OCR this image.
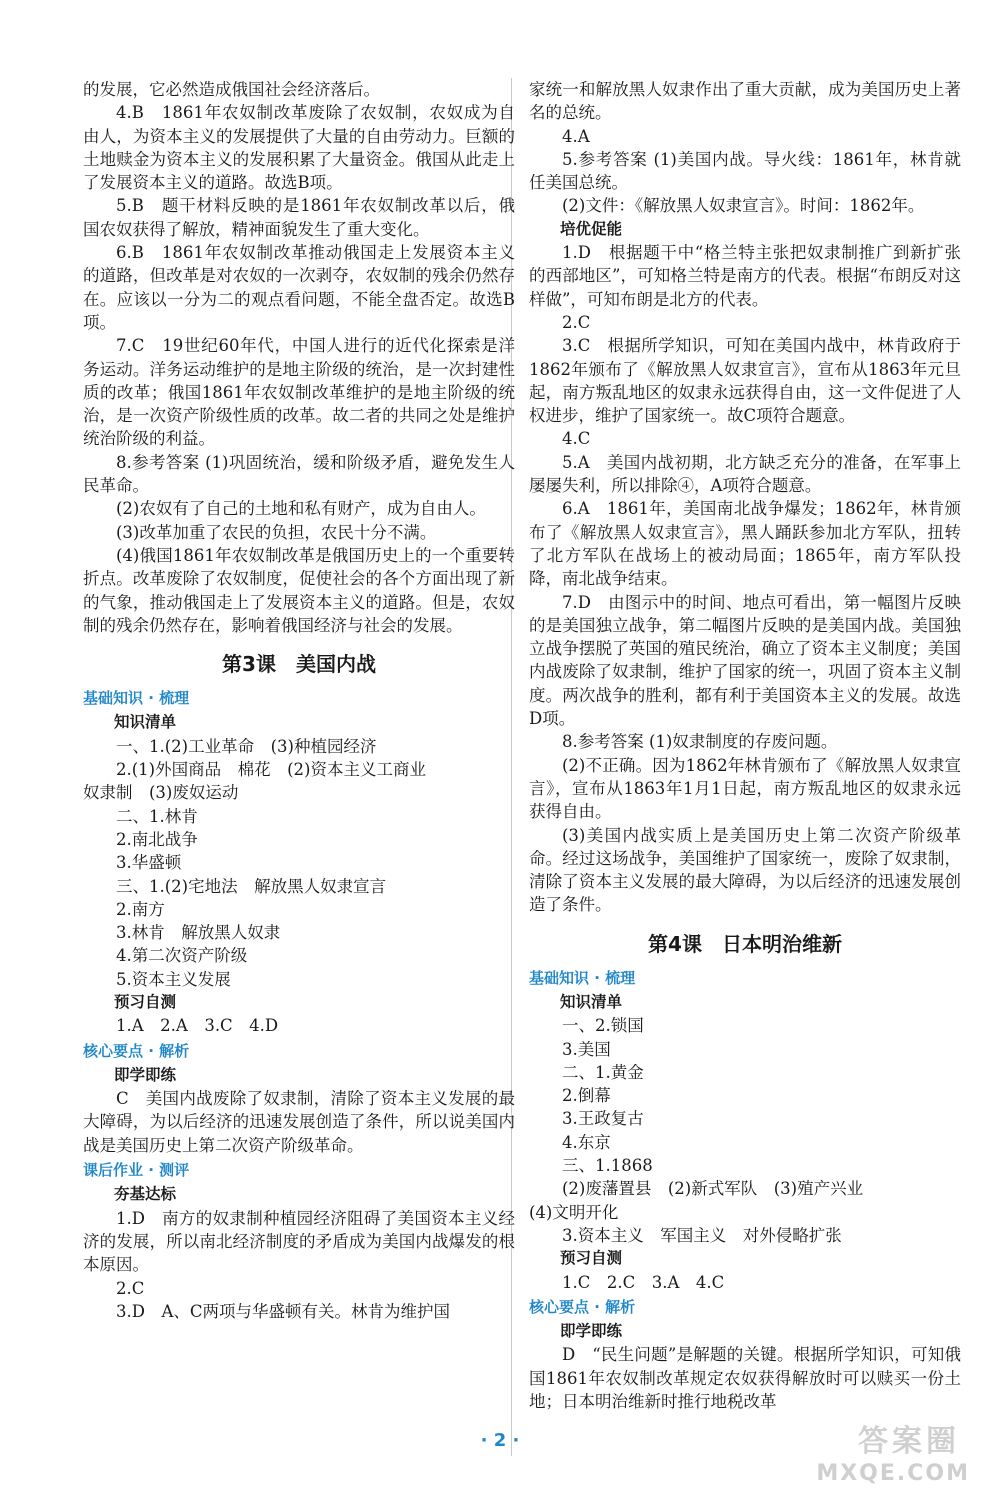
的发展，它必然造成俄国社会经济落后。

4.B　1861年农奴制改革废除了农奴制，农奴成为自由人，为资本主义的发展提供了大量的自由劳动力。巨额的土地赎金为资本主义的发展积累了大量资金。俄国从此走上了发展资本主义的道路。故选B项。

5.B　题干材料反映的是1861年农奴制改革以后，俄国农奴获得了解放，精神面貌发生了重大变化。

6.B　1861年农奴制改革推动俄国走上发展资本主义的道路，但改革是对农奴的一次剥夺，农奴制的残余仍然存在。应该以一分为二的观点看问题，不能全盘否定。故选B项。

7.C　19世纪60年代，中国人进行的近代化探索是洋务运动。洋务运动维护的是地主阶级的统治，是一次封建性质的改革；俄国1861年农奴制改革维护的是地主阶级的统治，是一次资产阶级性质的改革。故二者的共同之处是维护统治阶级的利益。

8.参考答案 (1)巩固统治，缓和阶级矛盾，避免发生人民革命。

(2)农奴有了自己的土地和私有财产，成为自由人。

(3)改革加重了农民的负担，农民十分不满。

(4)俄国1861年农奴制改革是俄国历史上的一个重要转折点。改革废除了农奴制度，促使社会的各个方面出现了新的气象，推动俄国走上了发展资本主义的道路。但是，农奴制的残余仍然存在，影响着俄国经济与社会的发展。

第3课　美国内战
基础知识 · 梳理
知识清单

一、1.(2)工业革命　(3)种植园经济

2.(1)外国商品　棉花　(2)资本主义工商业

奴隶制　(3)废奴运动

二、1.林肯

2.南北战争

3.华盛顿

三、1.(2)宅地法　解放黑人奴隶宣言

2.南方

3.林肯　解放黑人奴隶

4.第二次资产阶级

5.资本主义发展

预习自测

1.A　2.A　3.C　4.D

核心要点 · 解析
即学即练

C　美国内战废除了奴隶制，清除了资本主义发展的最大障碍，为以后经济的迅速发展创造了条件，所以说美国内战是美国历史上第二次资产阶级革命。

课后作业 · 测评
夯基达标

1.D　南方的奴隶制种植园经济阻碍了美国资本主义经济的发展，所以南北经济制度的矛盾成为美国内战爆发的根本原因。

2.C

3.D　A、C两项与华盛顿有关。林肯为维护国

家统一和解放黑人奴隶作出了重大贡献，成为美国历史上著名的总统。

4.A

5.参考答案 (1)美国内战。导火线：1861年，林肯就任美国总统。

(2)文件：《解放黑人奴隶宣言》。时间：1862年。

培优促能

1.D　根据题干中“格兰特主张把奴隶制推广到新扩张的西部地区”，可知格兰特是南方的代表。根据“布朗反对这样做”，可知布朗是北方的代表。

2.C

3.C　根据所学知识，可知在美国内战中，林肯政府于1862年颁布了《解放黑人奴隶宣言》，宣布从1863年元旦起，南方叛乱地区的奴隶永远获得自由，这一文件促进了人权进步，维护了国家统一。故C项符合题意。

4.C

5.A　美国内战初期，北方缺乏充分的准备，在军事上屡屡失利，所以排除④，A项符合题意。

6.A　1861年，美国南北战争爆发；1862年，林肯颁布了《解放黑人奴隶宣言》，黑人踊跃参加北方军队，扭转了北方军队在战场上的被动局面；1865年，南方军队投降，南北战争结束。

7.D　由图示中的时间、地点可看出，第一幅图片反映的是美国独立战争，第二幅图片反映的是美国内战。美国独立战争摆脱了英国的殖民统治，确立了资本主义制度；美国内战废除了奴隶制，维护了国家的统一，巩固了资本主义制度。两次战争的胜利，都有利于美国资本主义的发展。故选D项。

8.参考答案 (1)奴隶制度的存废问题。

(2)不正确。因为1862年林肯颁布了《解放黑人奴隶宣言》，宣布从1863年1月1日起，南方叛乱地区的奴隶永远获得自由。

(3)美国内战实质上是美国历史上第二次资产阶级革命。经过这场战争，美国维护了国家统一，废除了奴隶制，清除了资本主义发展的最大障碍，为以后经济的迅速发展创造了条件。

第4课　日本明治维新
基础知识 · 梳理
知识清单

一、2.锁国

3.美国

二、1.黄金

2.倒幕

3.王政复古

4.东京

三、1.1868

(2)废藩置县　(2)新式军队　(3)殖产兴业

(4)文明开化

3.资本主义　军国主义　对外侵略扩张

预习自测

1.C　2.C　3.A　4.C

核心要点 · 解析
即学即练

D　“民生问题”是解题的关键。根据所学知识，可知俄国1861年农奴制改革规定农奴获得解放时可以赎买一份土地；日本明治维新时推行地税改革

· 2 ·	答案圈
MXQE.COM
